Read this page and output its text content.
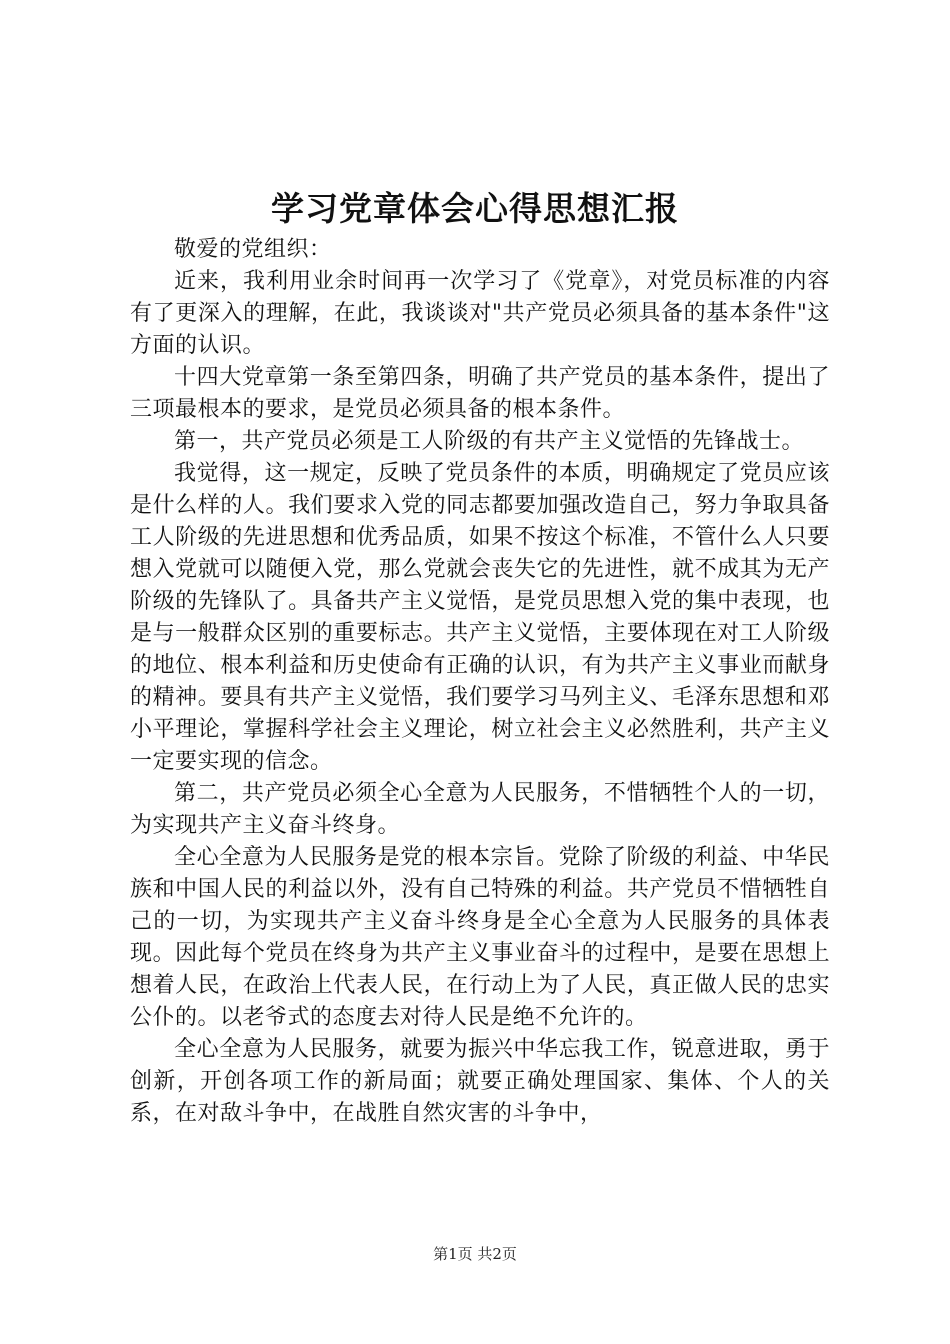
学习党章体会心得思想汇报

敬爱的党组织：

近来，我利用业余时间再一次学习了《党章》，对党员标准的内容有了更深入的理解，在此，我谈谈对"共产党员必须具备的基本条件"这方面的认识。

十四大党章第一条至第四条，明确了共产党员的基本条件，提出了三项最根本的要求，是党员必须具备的根本条件。

第一，共产党员必须是工人阶级的有共产主义觉悟的先锋战士。

我觉得，这一规定，反映了党员条件的本质，明确规定了党员应该是什么样的人。我们要求入党的同志都要加强改造自己，努力争取具备工人阶级的先进思想和优秀品质，如果不按这个标准，不管什么人只要想入党就可以随便入党，那么党就会丧失它的先进性，就不成其为无产阶级的先锋队了。具备共产主义觉悟，是党员思想入党的集中表现，也是与一般群众区别的重要标志。共产主义觉悟，主要体现在对工人阶级的地位、根本利益和历史使命有正确的认识，有为共产主义事业而献身的精神。要具有共产主义觉悟，我们要学习马列主义、毛泽东思想和邓小平理论，掌握科学社会主义理论，树立社会主义必然胜利，共产主义一定要实现的信念。

第二，共产党员必须全心全意为人民服务，不惜牺牲个人的一切，为实现共产主义奋斗终身。

全心全意为人民服务是党的根本宗旨。党除了阶级的利益、中华民族和中国人民的利益以外，没有自己特殊的利益。共产党员不惜牺牲自己的一切，为实现共产主义奋斗终身是全心全意为人民服务的具体表现。因此每个党员在终身为共产主义事业奋斗的过程中，是要在思想上想着人民，在政治上代表人民，在行动上为了人民，真正做人民的忠实公仆的。以老爷式的态度去对待人民是绝不允许的。

全心全意为人民服务，就要为振兴中华忘我工作，锐意进取，勇于创新，开创各项工作的新局面；就要正确处理国家、集体、个人的关系，在对敌斗争中，在战胜自然灾害的斗争中，

第1页 共2页
